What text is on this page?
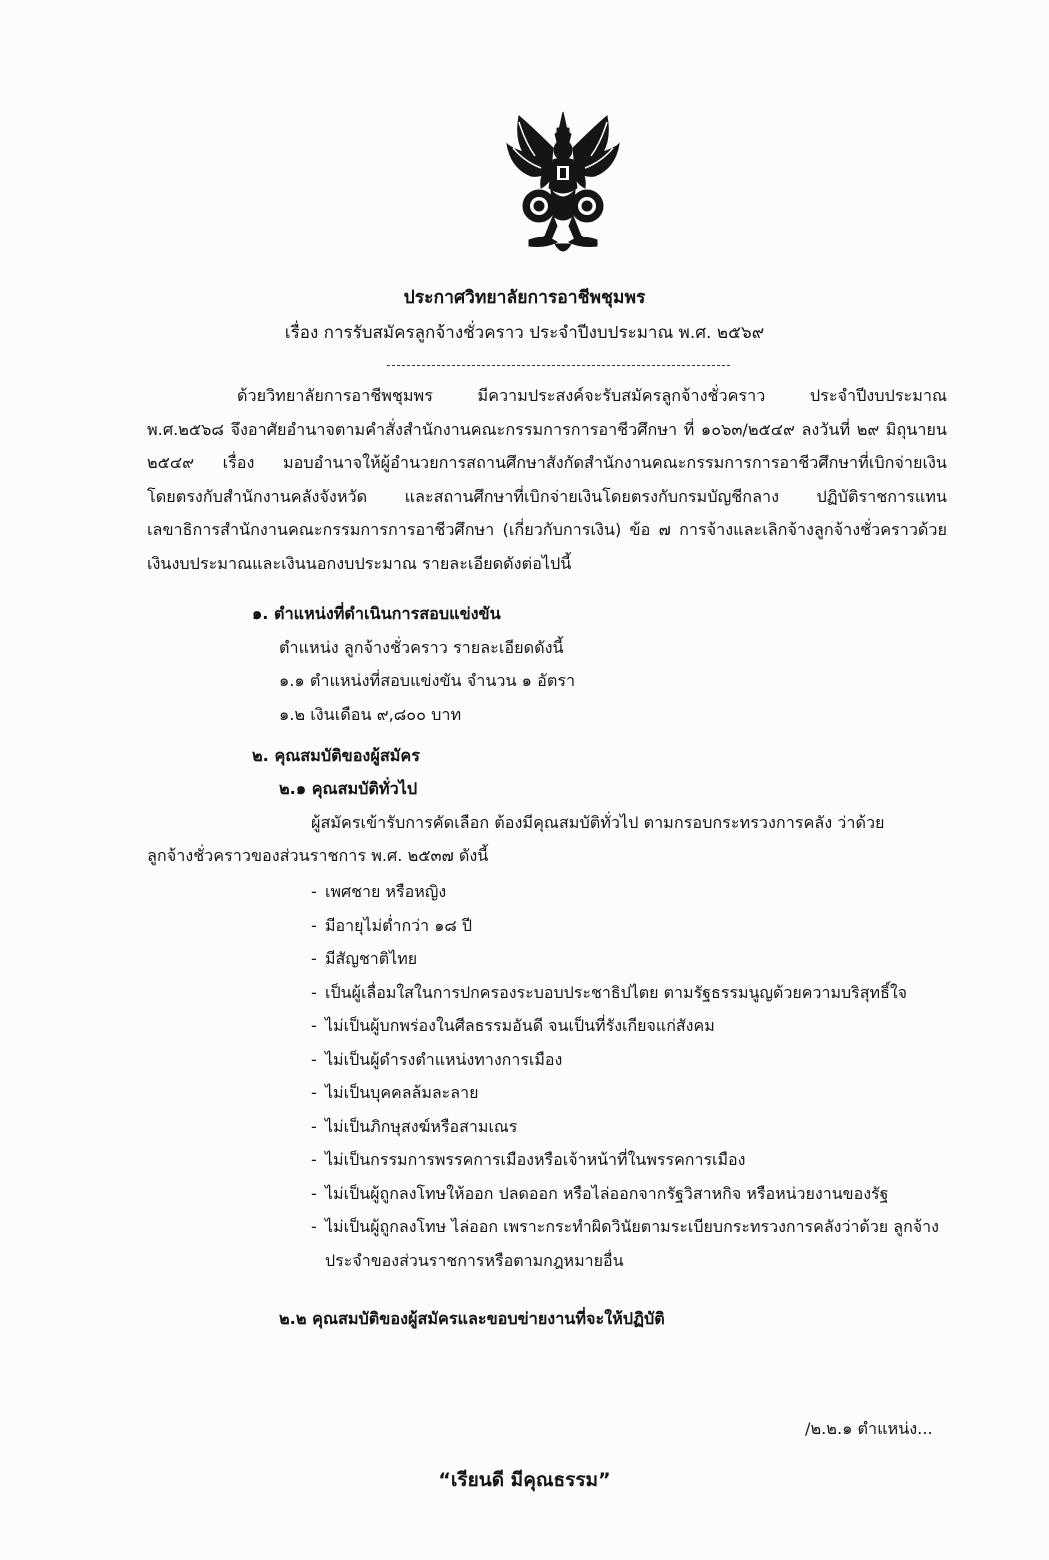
ประกาศวิทยาลัยการอาชีพชุมพร
เรื่อง การรับสมัครลูกจ้างชั่วคราว ประจำปีงบประมาณ พ.ศ. ๒๕๖๙

ด้วยวิทยาลัยการอาชีพชุมพร มีความประสงค์จะรับสมัครลูกจ้างชั่วคราว ประจำปีงบประมาณ พ.ศ.๒๕๖๘ จึงอาศัยอำนาจตามคำสั่งสำนักงานคณะกรรมการการอาชีวศึกษา ที่ ๑๐๖๓/๒๕๔๙ ลงวันที่ ๒๙ มิถุนายน ๒๕๔๙ เรื่อง มอบอำนาจให้ผู้อำนวยการสถานศึกษาสังกัดสำนักงานคณะกรรมการการอาชีวศึกษาที่เบิกจ่ายเงินโดยตรงกับสำนักงานคลังจังหวัด และสถานศึกษาที่เบิกจ่ายเงินโดยตรงกับกรมบัญชีกลาง ปฏิบัติราชการแทนเลขาธิการสำนักงานคณะกรรมการการอาชีวศึกษา (เกี่ยวกับการเงิน) ข้อ ๗ การจ้างและเลิกจ้างลูกจ้างชั่วคราวด้วยเงินงบประมาณและเงินนอกงบประมาณ รายละเอียดดังต่อไปนี้

๑. ตำแหน่งที่ดำเนินการสอบแข่งขัน
ตำแหน่ง ลูกจ้างชั่วคราว รายละเอียดดังนี้
๑.๑ ตำแหน่งที่สอบแข่งขัน จำนวน ๑ อัตรา
๑.๒ เงินเดือน ๙,๘๐๐ บาท
๒. คุณสมบัติของผู้สมัคร
๒.๑ คุณสมบัติทั่วไป
ผู้สมัครเข้ารับการคัดเลือก ต้องมีคุณสมบัติทั่วไป ตามกรอบกระทรวงการคลัง ว่าด้วย
ลูกจ้างชั่วคราวของส่วนราชการ พ.ศ. ๒๕๓๗ ดังนี้
- เพศชาย หรือหญิง
- มีอายุไม่ต่ำกว่า ๑๘ ปี
- มีสัญชาติไทย
- เป็นผู้เลื่อมใสในการปกครองระบอบประชาธิปไตย ตามรัฐธรรมนูญด้วยความบริสุทธิ์ใจ
- ไม่เป็นผู้บกพร่องในศีลธรรมอันดี จนเป็นที่รังเกียจแก่สังคม
- ไม่เป็นผู้ดำรงตำแหน่งทางการเมือง
- ไม่เป็นบุคคลล้มละลาย
- ไม่เป็นภิกษุสงฆ์หรือสามเณร
- ไม่เป็นกรรมการพรรคการเมืองหรือเจ้าหน้าที่ในพรรคการเมือง
- ไม่เป็นผู้ถูกลงโทษให้ออก ปลดออก หรือไล่ออกจากรัฐวิสาหกิจ หรือหน่วยงานของรัฐ
- ไม่เป็นผู้ถูกลงโทษ ไล่ออก เพราะกระทำผิดวินัยตามระเบียบกระทรวงการคลังว่าด้วย ลูกจ้างประจำของส่วนราชการหรือตามกฎหมายอื่น
๒.๒ คุณสมบัติของผู้สมัครและขอบข่ายงานที่จะให้ปฏิบัติ
/๒.๒.๑ ตำแหน่ง...
“เรียนดี มีคุณธรรม”
